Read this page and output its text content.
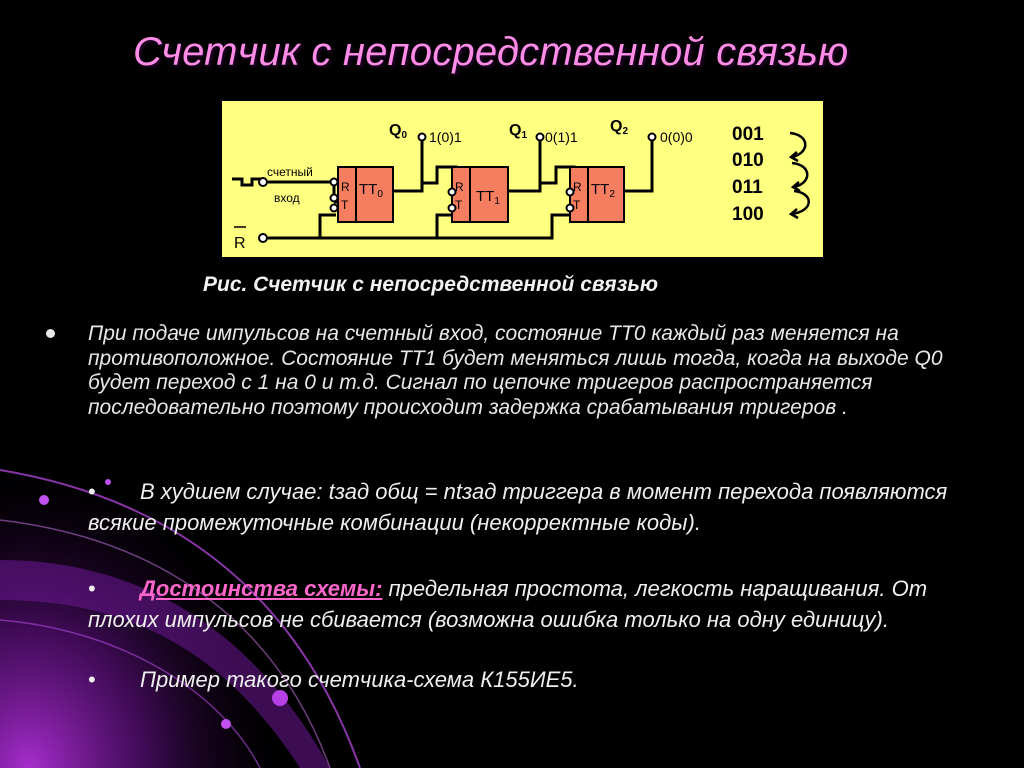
Счетчик с непосредственной связью
R
T
$ТТ_0$
R
T $ТТ_1$
R
T
$ТТ_2$
счетный
вход
R
Q0 1(0)1	Q1 0(1)1
Q2 0(0)0 001
010
011
100
Рис. Счетчик с непосредственной связью

При подаче импульсов на счетный вход, состояние ТТ0 каждый раз меняется на противоположное. Состояние ТТ1 будет меняться лишь тогда, когда на выходе Q0 будет переход с 1 на 0 и т.д. Сигнал по цепочке тригеров распространяется последовательно поэтому происходит задержка срабатывания тригеров .

• В худшем случае: tзад общ = ntзад триггера в момент перехода появляются всякие промежуточные комбинации (некорректные коды).
• Достоинства схемы: предельная простота, легкость наращивания. От плохих импульсов не сбивается (возможна ошибка только на одну единицу).
• Пример такого счетчика-схема К155ИЕ5.
